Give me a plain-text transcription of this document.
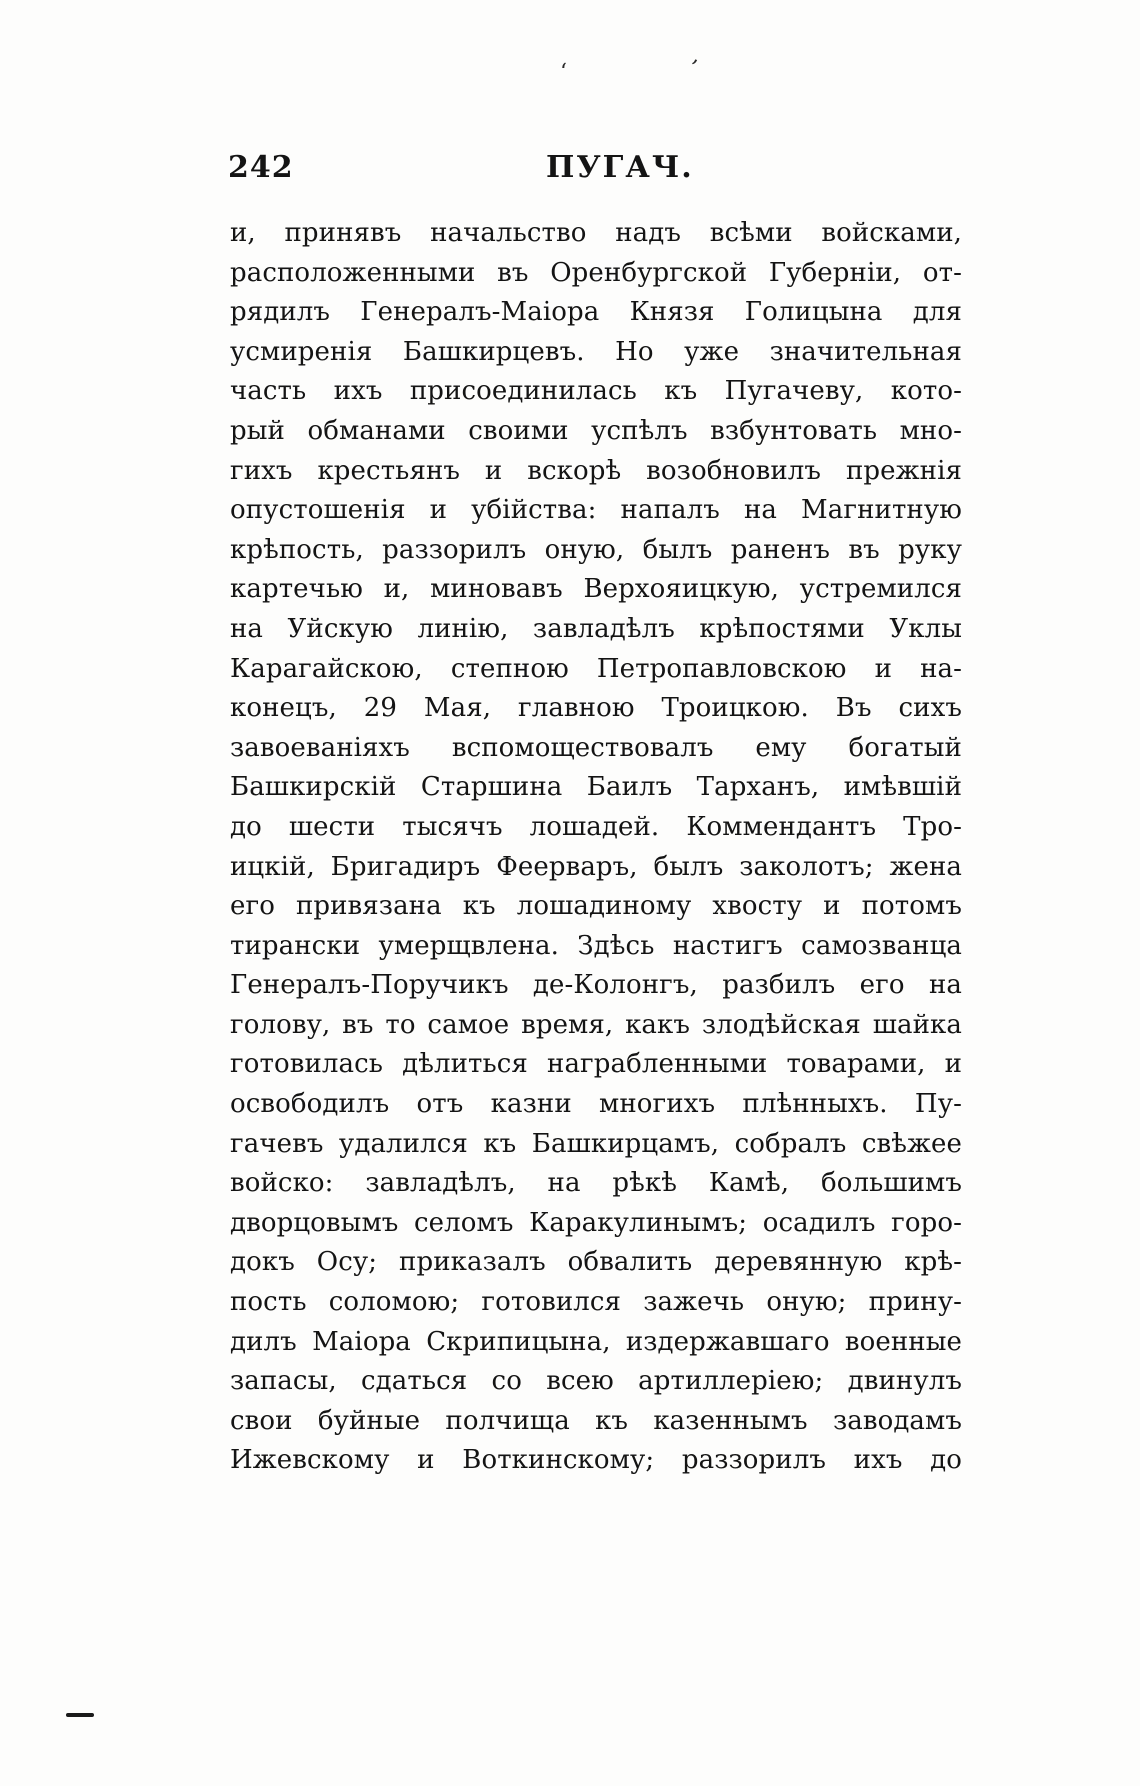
ʻ	ʼ
242	ПУГАЧ.
и, принявъ начальство надъ всѣми войсками,
расположенными въ Оренбургской Губерніи, от-
рядилъ Генералъ-Маіора Князя Голицына для
усмиренія Башкирцевъ. Но уже значительная
часть ихъ присоединилась къ Пугачеву, кото-
рый обманами своими успѣлъ взбунтовать мно-
гихъ крестьянъ и вскорѣ возобновилъ прежнія
опустошенія и убійства: напалъ на Магнитную
крѣпость, раззорилъ оную, былъ раненъ въ руку
картечью и, миновавъ Верхояицкую, устремился
на Уйскую линію, завладѣлъ крѣпостями Уклы
Карагайскою, степною Петропавловскою и на-
конецъ, 29 Мая, главною Троицкою. Въ сихъ
завоеваніяхъ вспомоществовалъ ему богатый
Башкирскій Старшина Баилъ Тарханъ, имѣвшій
до шести тысячъ лошадей. Коммендантъ Тро-
ицкій, Бригадиръ Феерваръ, былъ заколотъ; жена
его привязана къ лошадиному хвосту и потомъ
тирански умерщвлена. Здѣсь настигъ самозванца
Генералъ-Поручикъ де-Колонгъ, разбилъ его на
голову, въ то самое время, какъ злодѣйская шайка
готовилась дѣлиться награбленными товарами, и
освободилъ отъ казни многихъ плѣнныхъ. Пу-
гачевъ удалился къ Башкирцамъ, собралъ свѣжее
войско: завладѣлъ, на рѣкѣ Камѣ, большимъ
дворцовымъ селомъ Каракулинымъ; осадилъ горо-
докъ Осу; приказалъ обвалить деревянную крѣ-
пость соломою; готовился зажечь оную; прину-
дилъ Маіора Скрипицына, издержавшаго военные
запасы, сдаться со всею артиллеріею; двинулъ
свои буйные полчища къ казеннымъ заводамъ
Ижевскому и Воткинскому; раззорилъ ихъ до
